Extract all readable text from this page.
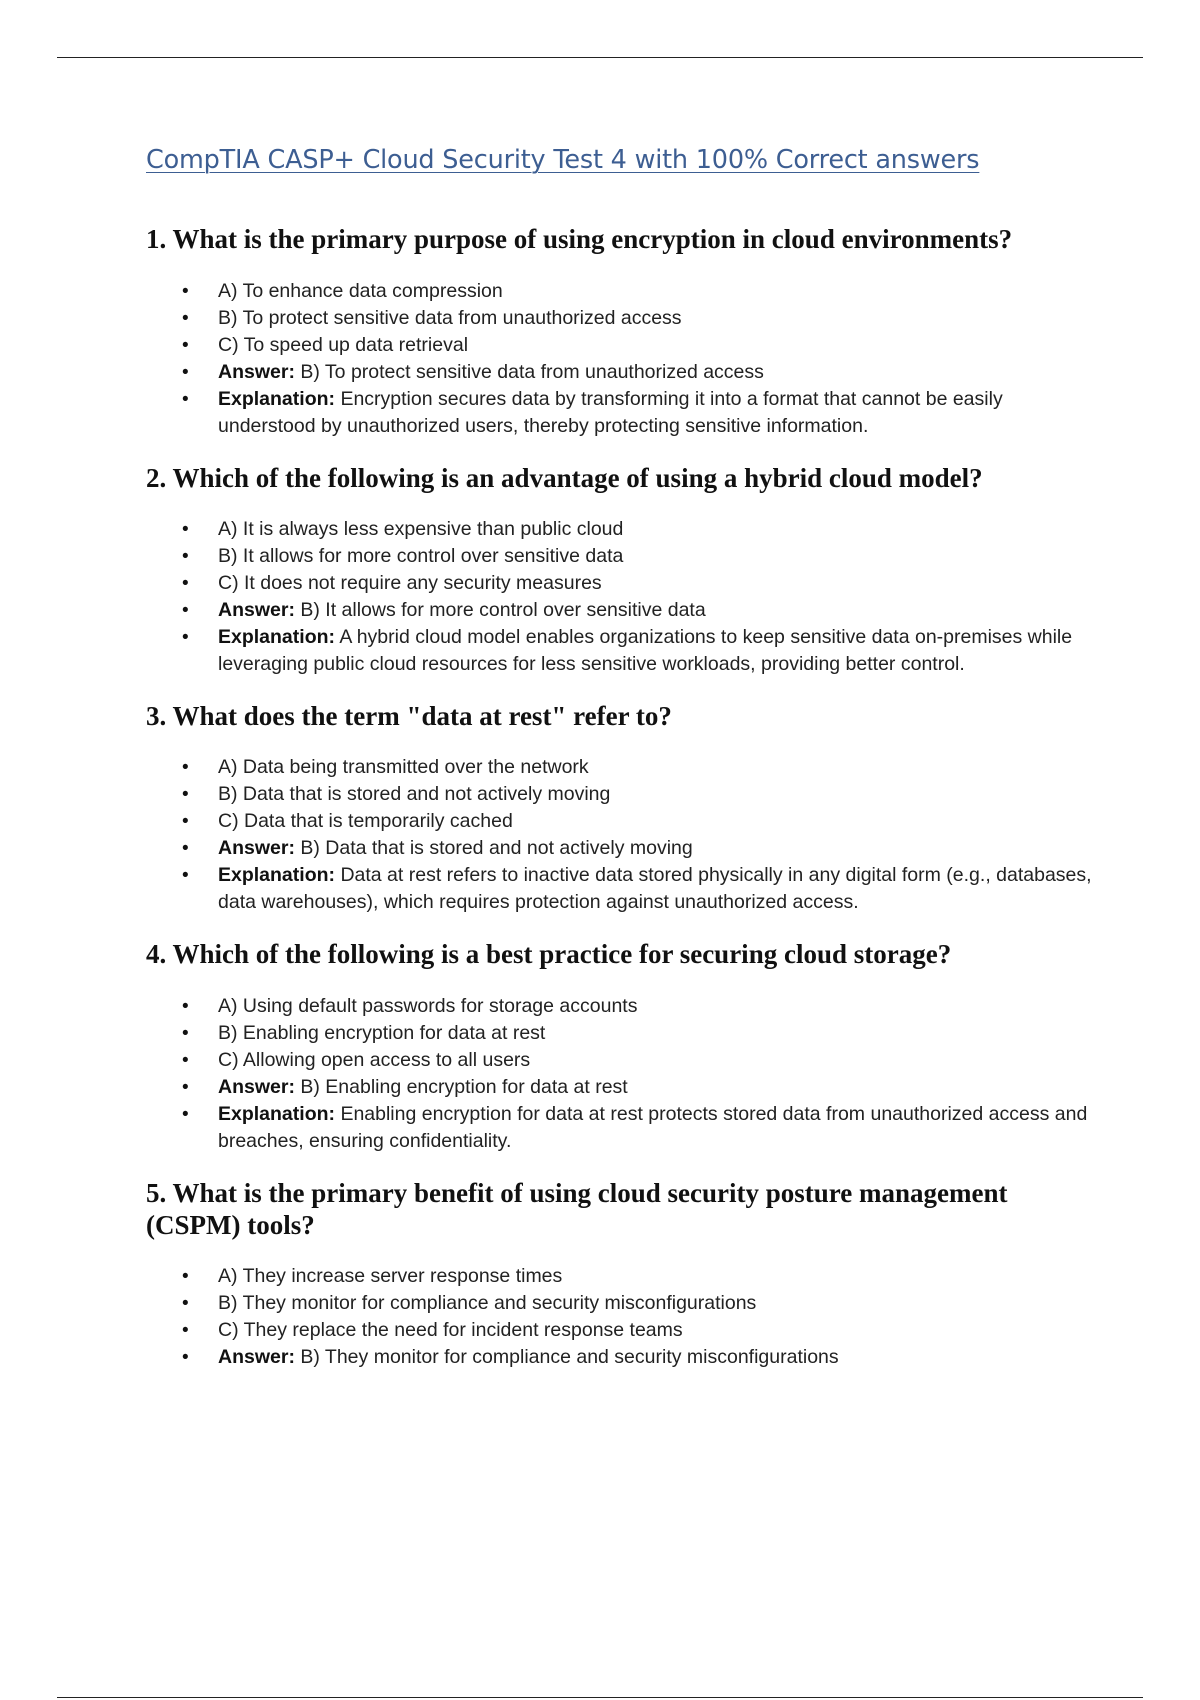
CompTIA CASP+ Cloud Security Test 4 with 100% Correct answers
1. What is the primary purpose of using encryption in cloud environments?
• A) To enhance data compression
• B) To protect sensitive data from unauthorized access
• C) To speed up data retrieval
• Answer: B) To protect sensitive data from unauthorized access
• Explanation: Encryption secures data by transforming it into a format that cannot be easily understood by unauthorized users, thereby protecting sensitive information.
2. Which of the following is an advantage of using a hybrid cloud model?
• A) It is always less expensive than public cloud
• B) It allows for more control over sensitive data
• C) It does not require any security measures
• Answer: B) It allows for more control over sensitive data
• Explanation: A hybrid cloud model enables organizations to keep sensitive data on-premises while leveraging public cloud resources for less sensitive workloads, providing better control.
3. What does the term "data at rest" refer to?
• A) Data being transmitted over the network
• B) Data that is stored and not actively moving
• C) Data that is temporarily cached
• Answer: B) Data that is stored and not actively moving
• Explanation: Data at rest refers to inactive data stored physically in any digital form (e.g., databases, data warehouses), which requires protection against unauthorized access.
4. Which of the following is a best practice for securing cloud storage?
• A) Using default passwords for storage accounts
• B) Enabling encryption for data at rest
• C) Allowing open access to all users
• Answer: B) Enabling encryption for data at rest
• Explanation: Enabling encryption for data at rest protects stored data from unauthorized access and breaches, ensuring confidentiality.
5. What is the primary benefit of using cloud security posture management (CSPM) tools?
• A) They increase server response times
• B) They monitor for compliance and security misconfigurations
• C) They replace the need for incident response teams
• Answer: B) They monitor for compliance and security misconfigurations
